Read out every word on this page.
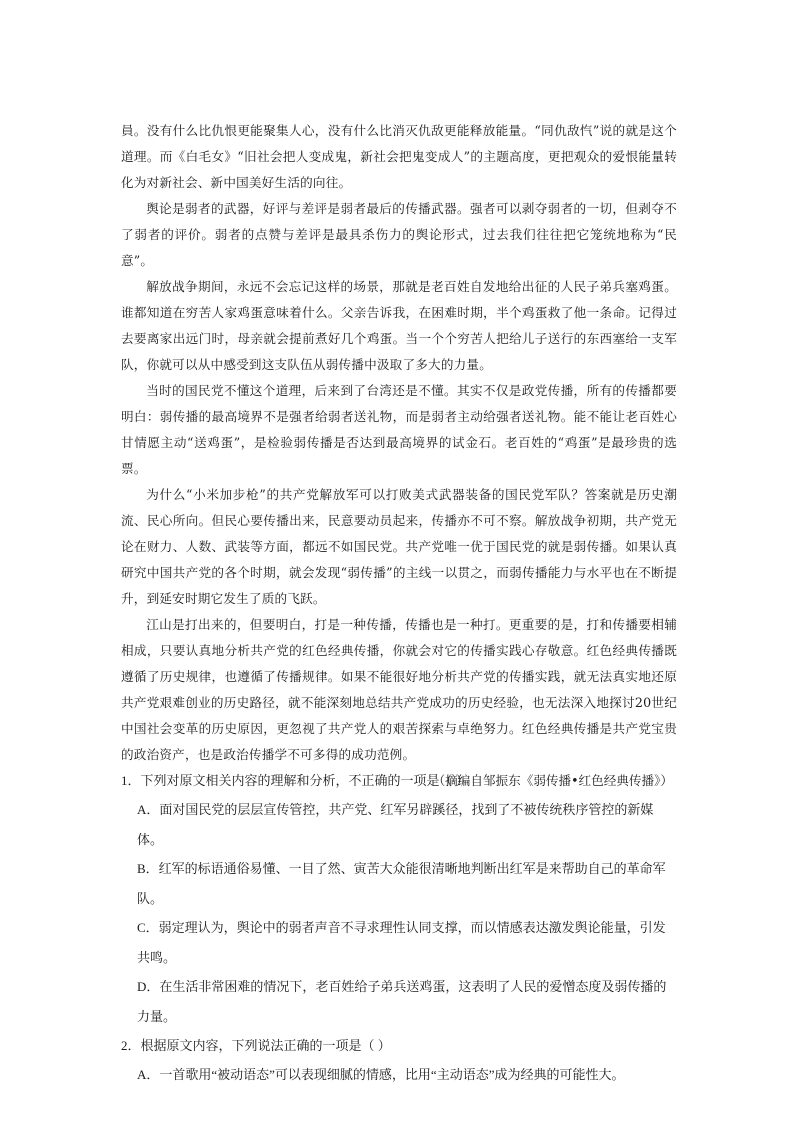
員。没有什么比仇恨更能聚集人心，没有什么比消灭仇敌更能释放能量。“同仇敌忾”说的就是这个道理。而《白毛女》“旧社会把人变成鬼，新社会把鬼变成人”的主题高度，更把观众的爱恨能量转化为对新社会、新中国美好生活的向往。

舆论是弱者的武器，好评与差评是弱者最后的传播武器。强者可以剥夺弱者的一切，但剥夺不了弱者的评价。弱者的点赞与差评是最具杀伤力的舆论形式，过去我们往往把它笼统地称为“民意”。

解放战争期间，永远不会忘记这样的场景，那就是老百姓自发地给出征的人民子弟兵塞鸡蛋。谁都知道在穷苦人家鸡蛋意味着什么。父亲告诉我，在困难时期，半个鸡蛋救了他一条命。记得过去要离家出远门时，母亲就会提前煮好几个鸡蛋。当一个个穷苦人把给儿子送行的东西塞给一支军队，你就可以从中感受到这支队伍从弱传播中汲取了多大的力量。

当时的国民党不懂这个道理，后来到了台湾还是不懂。其实不仅是政党传播，所有的传播都要明白：弱传播的最高境界不是强者给弱者送礼物，而是弱者主动给强者送礼物。能不能让老百姓心甘情愿主动“送鸡蛋”，是检验弱传播是否达到最高境界的试金石。老百姓的“鸡蛋”是最珍贵的选票。

为什么“小米加步枪”的共产党解放军可以打败美式武器装备的国民党军队？答案就是历史潮流、民心所向。但民心要传播出来，民意要动员起来，传播亦不可不察。解放战争初期，共产党无论在财力、人数、武装等方面，都远不如国民党。共产党唯一优于国民党的就是弱传播。如果认真研究中国共产党的各个时期，就会发现“弱传播”的主线一以贯之，而弱传播能力与水平也在不断提升，到延安时期它发生了质的飞跃。

江山是打出来的，但要明白，打是一种传播，传播也是一种打。更重要的是，打和传播要相辅相成，只要认真地分析共产党的红色经典传播，你就会对它的传播实践心存敬意。红色经典传播既遵循了历史规律，也遵循了传播规律。如果不能很好地分析共产党的传播实践，就无法真实地还原共产党艰难创业的历史路径，就不能深刻地总结共产党成功的历史经验，也无法深入地探讨20世纪中国社会变革的历史原因，更忽视了共产党人的艰苦探索与卓绝努力。红色经典传播是共产党宝贵的政治资产，也是政治传播学不可多得的成功范例。

（摘编自邹振东《弱传播•红色经典传播》）

1．下列对原文相关内容的理解和分析，不正确的一项是（ ）

A．面对国民党的层层宣传管控，共产党、红军另辟蹊径，找到了不被传统秩序管控的新媒体。

B．红军的标语通俗易懂、一目了然、寅苦大众能很清晰地判断出红军是来帮助自己的革命军队。

C．弱定理认为，舆论中的弱者声音不寻求理性认同支撑，而以情感表达激发舆论能量，引发共鸣。

D．在生活非常困难的情况下，老百姓给子弟兵送鸡蛋，这表明了人民的爱憎态度及弱传播的力量。

2．根据原文内容，下列说法正确的一项是（ ）

A．一首歌用“被动语态”可以表现细腻的情感，比用“主动语态”成为经典的可能性大。
